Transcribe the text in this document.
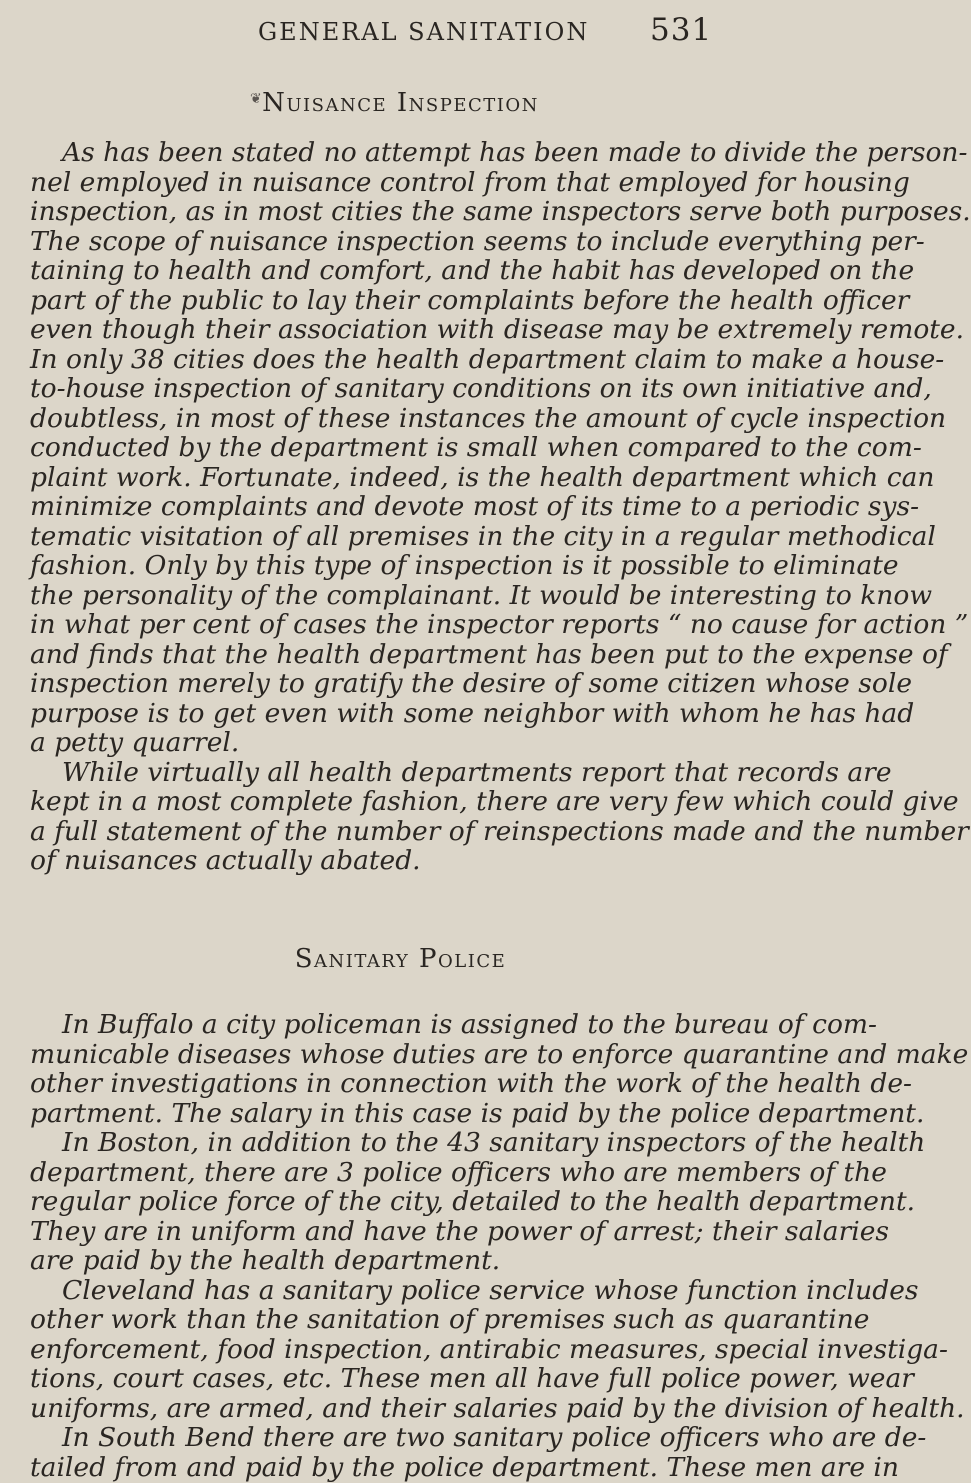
GENERAL SANITATION 531
❦ Nuisance Inspection
As has been stated no attempt has been made to divide the person-
nel employed in nuisance control from that employed for housing
inspection, as in most cities the same inspectors serve both purposes.
The scope of nuisance inspection seems to include everything per-
taining to health and comfort, and the habit has developed on the
part of the public to lay their complaints before the health officer
even though their association with disease may be extremely remote.
In only 38 cities does the health department claim to make a house-
to-house inspection of sanitary conditions on its own initiative and,
doubtless, in most of these instances the amount of cycle inspection
conducted by the department is small when compared to the com-
plaint work. Fortunate, indeed, is the health department which can
minimize complaints and devote most of its time to a periodic sys-
tematic visitation of all premises in the city in a regular methodical
fashion. Only by this type of inspection is it possible to eliminate
the personality of the complainant. It would be interesting to know
in what per cent of cases the inspector reports “ no cause for action ”
and finds that the health department has been put to the expense of
inspection merely to gratify the desire of some citizen whose sole
purpose is to get even with some neighbor with whom he has had
a petty quarrel.
While virtually all health departments report that records are
kept in a most complete fashion, there are very few which could give
a full statement of the number of reinspections made and the number
of nuisances actually abated.
Sanitary Police
In Buffalo a city policeman is assigned to the bureau of com-
municable diseases whose duties are to enforce quarantine and make
other investigations in connection with the work of the health de-
partment. The salary in this case is paid by the police department.
In Boston, in addition to the 43 sanitary inspectors of the health
department, there are 3 police officers who are members of the
regular police force of the city, detailed to the health department.
They are in uniform and have the power of arrest; their salaries
are paid by the health department.
Cleveland has a sanitary police service whose function includes
other work than the sanitation of premises such as quarantine
enforcement, food inspection, antirabic measures, special investiga-
tions, court cases, etc. These men all have full police power, wear
uniforms, are armed, and their salaries paid by the division of health.
In South Bend there are two sanitary police officers who are de-
tailed from and paid by the police department. These men are in
